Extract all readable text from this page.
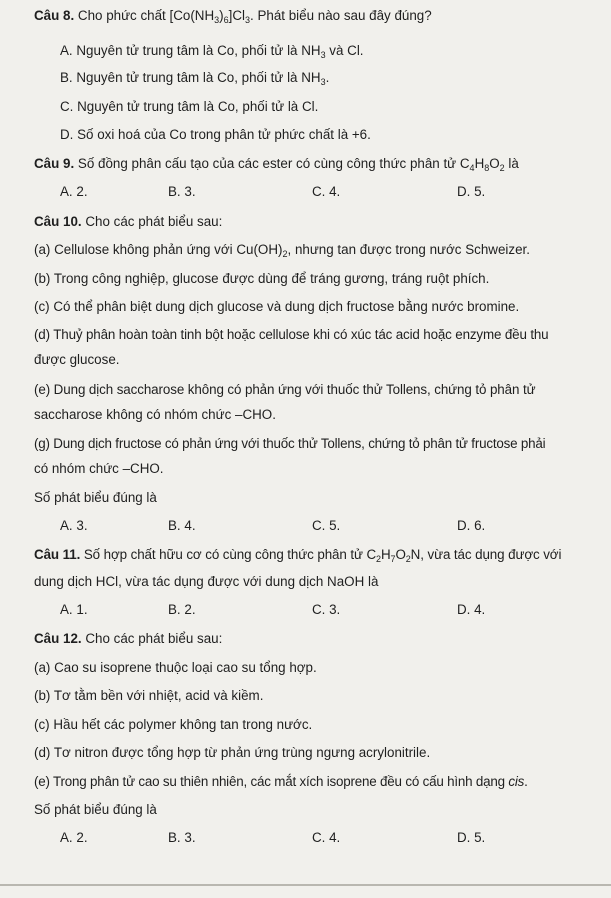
Câu 8. Cho phức chất $[Co(NH_3)_6]Cl_3$. Phát biểu nào sau đây đúng?
A. Nguyên tử trung tâm là Co, phối tử là $NH_3$ và Cl.
B. Nguyên tử trung tâm là Co, phối tử là $NH_3$.
C. Nguyên tử trung tâm là Co, phối tử là Cl.
D. Số oxi hoá của Co trong phân tử phức chất là +6.
Câu 9. Số đồng phân cấu tạo của các ester có cùng công thức phân tử $C_4H_8O_2$ là
A. 2.	B. 3.	C. 4.	D. 5.
Câu 10. Cho các phát biểu sau:
(a) Cellulose không phản ứng với $Cu(OH)_2$, nhưng tan được trong nước Schweizer.
(b) Trong công nghiệp, glucose được dùng để tráng gương, tráng ruột phích.
(c) Có thể phân biệt dung dịch glucose và dung dịch fructose bằng nước bromine.
(d) Thuỷ phân hoàn toàn tinh bột hoặc cellulose khi có xúc tác acid hoặc enzyme đều thu
được glucose.
(e) Dung dịch saccharose không có phản ứng với thuốc thử Tollens, chứng tỏ phân tử
saccharose không có nhóm chức –CHO.
(g) Dung dịch fructose có phản ứng với thuốc thử Tollens, chứng tỏ phân tử fructose phải
có nhóm chức –CHO.
Số phát biểu đúng là
A. 3.	B. 4.	C. 5.	D. 6.
Câu 11. Số hợp chất hữu cơ có cùng công thức phân tử $C_2H_7O_2N$, vừa tác dụng được với
dung dịch HCl, vừa tác dụng được với dung dịch NaOH là
A. 1.	B. 2.	C. 3.	D. 4.
Câu 12. Cho các phát biểu sau:
(a) Cao su isoprene thuộc loại cao su tổng hợp.
(b) Tơ tằm bền với nhiệt, acid và kiềm.
(c) Hầu hết các polymer không tan trong nước.
(d) Tơ nitron được tổng hợp từ phản ứng trùng ngưng acrylonitrile.
(e) Trong phân tử cao su thiên nhiên, các mắt xích isoprene đều có cấu hình dạng cis.
Số phát biểu đúng là
A. 2.	B. 3.	C. 4.	D. 5.
